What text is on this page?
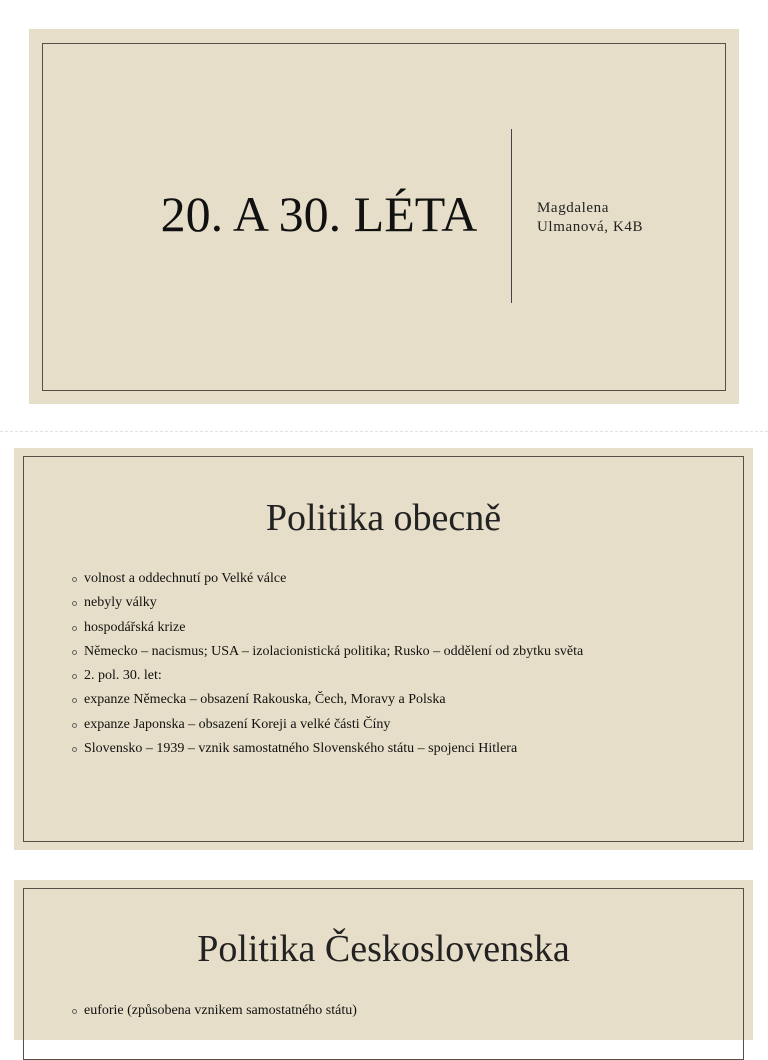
20. A 30. LÉTA	Magdalena
Ulmanová, K4B
Politika obecně
volnost a oddechnutí po Velké válce
nebyly války
hospodářská krize
Německo – nacismus; USA – izolacionistická politika; Rusko – oddělení od zbytku světa
2. pol. 30. let:
expanze Německa – obsazení Rakouska, Čech, Moravy a Polska
expanze Japonska – obsazení Koreji a velké části Číny
Slovensko – 1939 – vznik samostatného Slovenského státu – spojenci Hitlera
Politika Československa
euforie (způsobena vznikem samostatného státu)
